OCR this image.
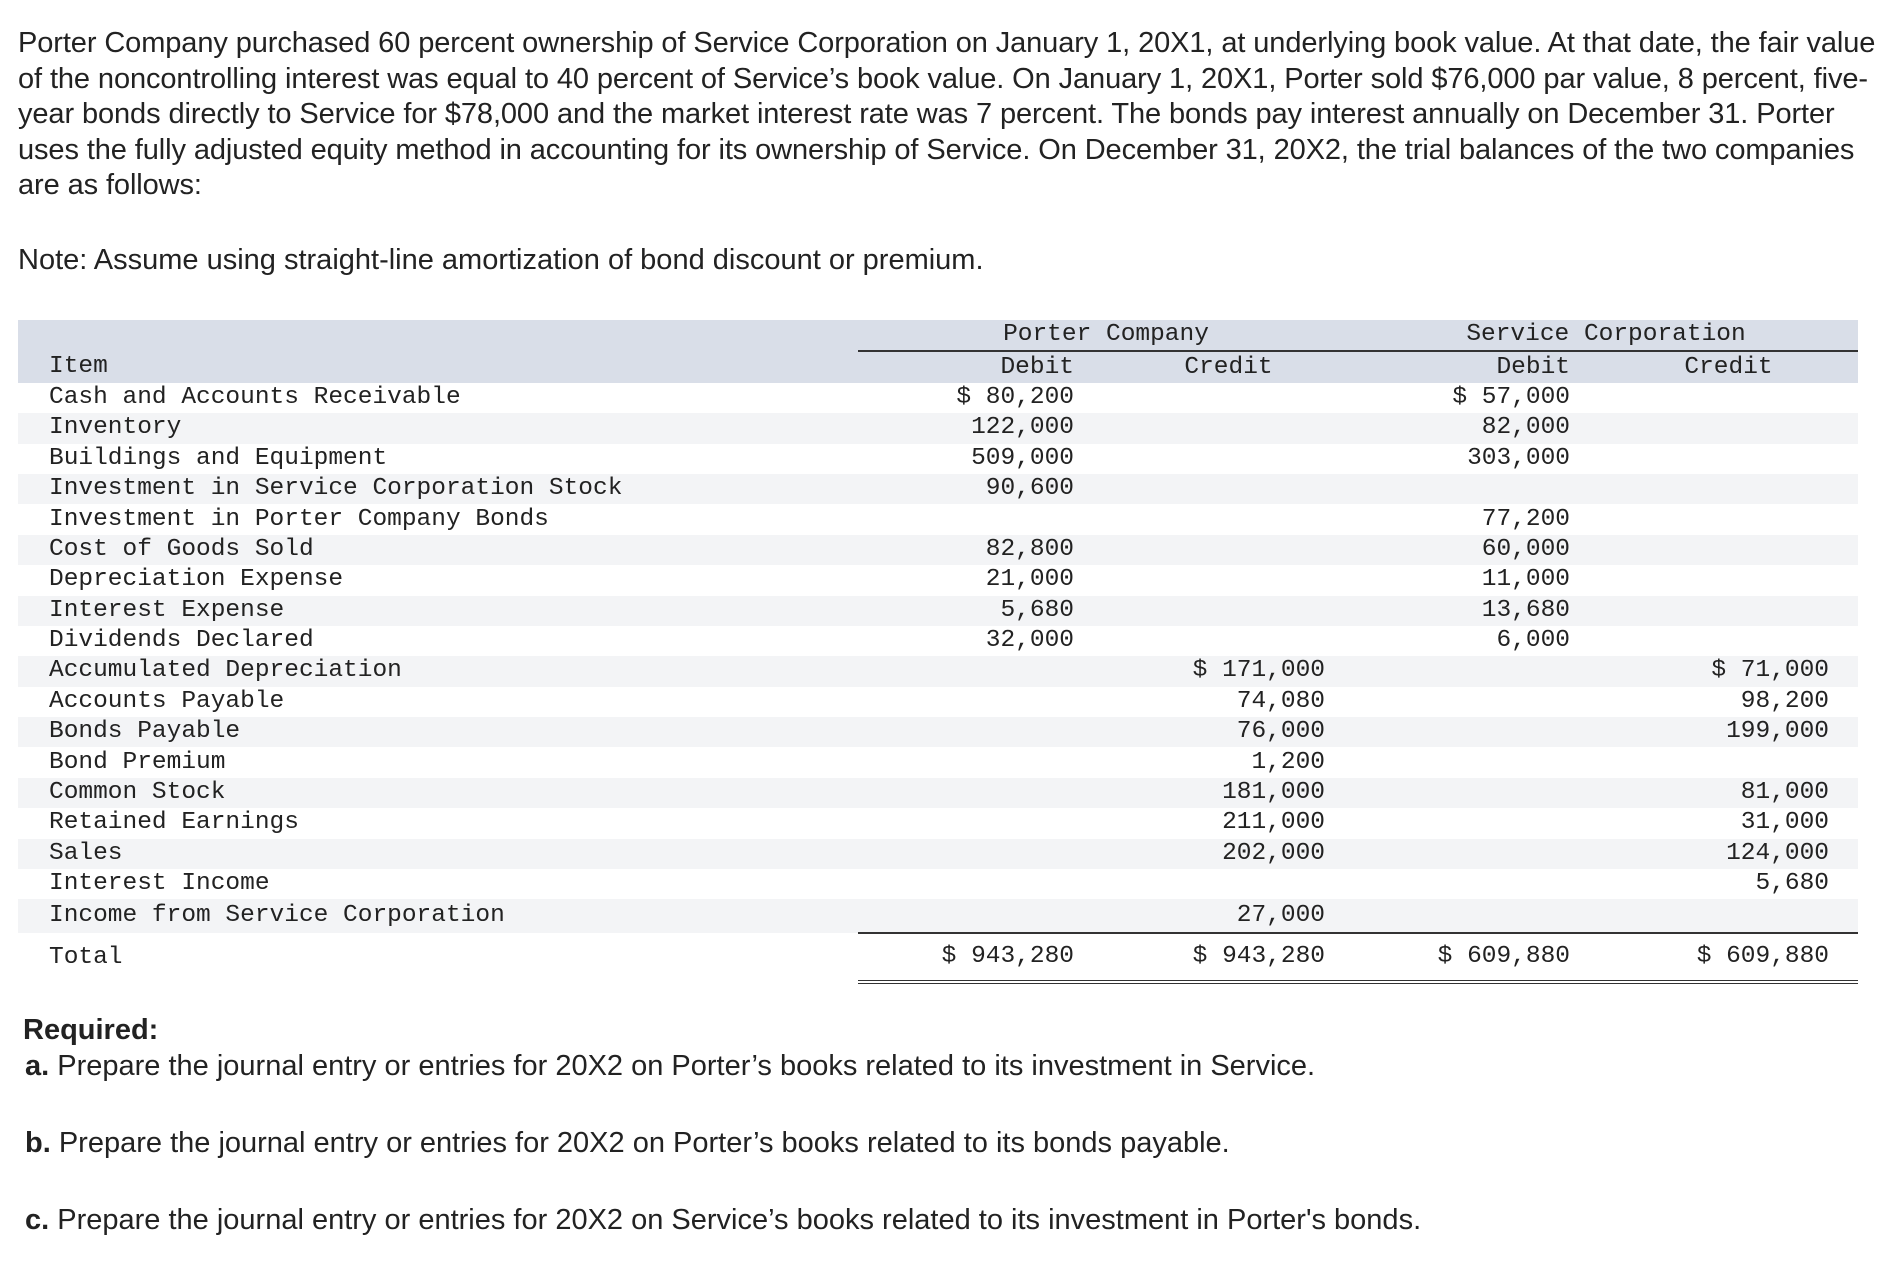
Porter Company purchased 60 percent ownership of Service Corporation on January 1, 20X1, at underlying book value. At that date, the fair value of the noncontrolling interest was equal to 40 percent of Service’s book value. On January 1, 20X1, Porter sold $76,000 par value, 8 percent, five-year bonds directly to Service for $78,000 and the market interest rate was 7 percent. The bonds pay interest annually on December 31. Porter uses the fully adjusted equity method in accounting for its ownership of Service. On December 31, 20X2, the trial balances of the two companies are as follows:

Note: Assume using straight-line amortization of bond discount or premium.

	Porter Company		Service Corporation	
Item	Debit	Credit	Debit	Credit
Cash and Accounts Receivable	$ 80,200		$ 57,000	
Inventory	122,000		82,000	
Buildings and Equipment	509,000		303,000	
Investment in Service Corporation Stock	90,600			
Investment in Porter Company Bonds			77,200	
Cost of Goods Sold	82,800		60,000	
Depreciation Expense	21,000		11,000	
Interest Expense	5,680		13,680	
Dividends Declared	32,000		6,000	
Accumulated Depreciation		$ 171,000		$ 71,000
Accounts Payable		74,080		98,200
Bonds Payable		76,000		199,000
Bond Premium		1,200		
Common Stock		181,000		81,000
Retained Earnings		211,000		31,000
Sales		202,000		124,000
Interest Income				5,680
Income from Service Corporation		27,000		
Total	$ 943,280	$ 943,280	$ 609,880	$ 609,880

Required:

a. Prepare the journal entry or entries for 20X2 on Porter’s books related to its investment in Service.

b. Prepare the journal entry or entries for 20X2 on Porter’s books related to its bonds payable.

c. Prepare the journal entry or entries for 20X2 on Service’s books related to its investment in Porter's bonds.
